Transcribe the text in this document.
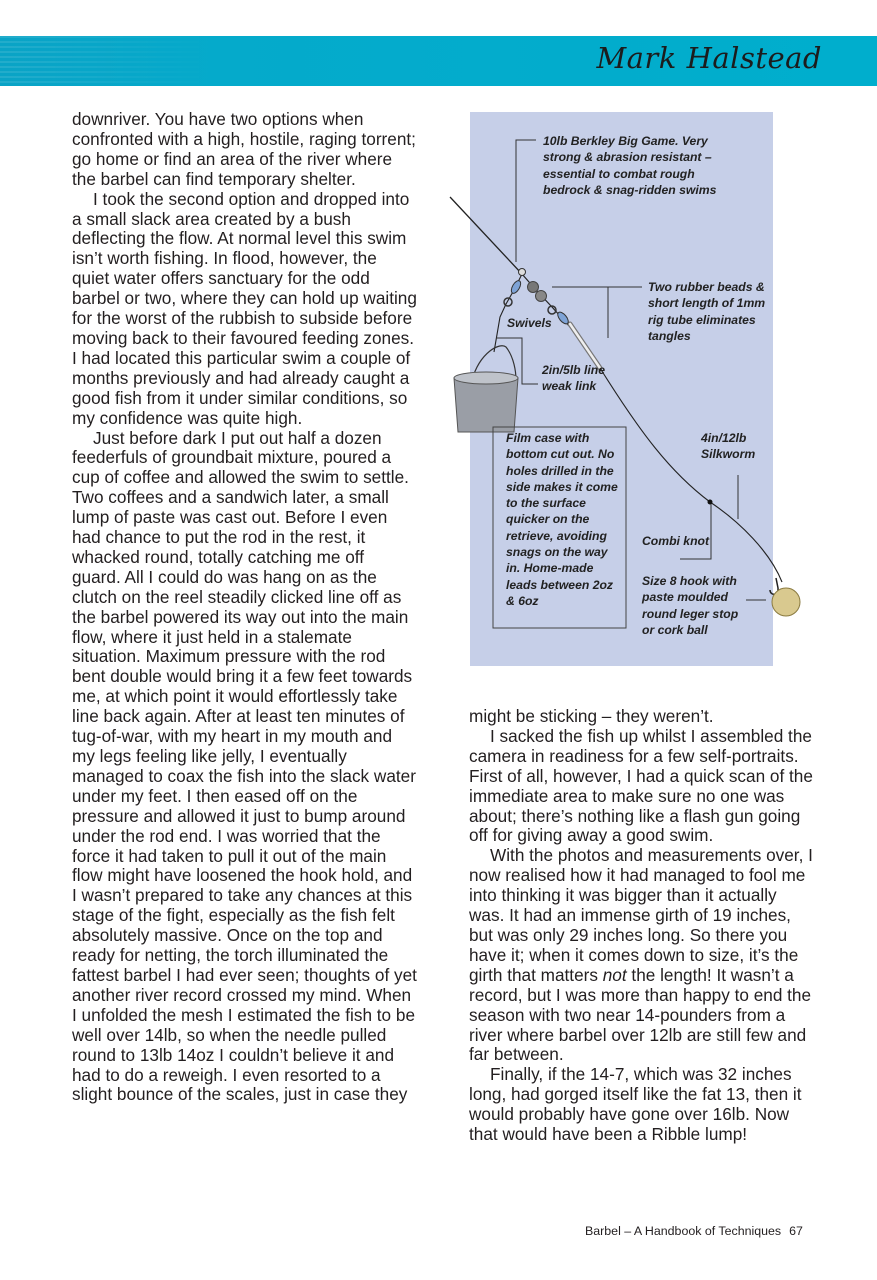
Mark Halstead

downriver. You have two options when confronted with a high, hostile, raging torrent; go home or find an area of the river where the barbel can find temporary shelter.

I took the second option and dropped into a small slack area created by a bush deflecting the flow. At normal level this swim isn’t worth fishing. In flood, however, the quiet water offers sanctuary for the odd barbel or two, where they can hold up waiting for the worst of the rubbish to subside before moving back to their favoured feeding zones. I had located this particular swim a couple of months previously and had already caught a good fish from it under similar conditions, so my confidence was quite high.

Just before dark I put out half a dozen feederfuls of groundbait mixture, poured a cup of coffee and allowed the swim to settle. Two coffees and a sandwich later, a small lump of paste was cast out. Before I even had chance to put the rod in the rest, it whacked round, totally catching me off guard. All I could do was hang on as the clutch on the reel steadily clicked line off as the barbel powered its way out into the main flow, where it just held in a stalemate situation. Maximum pressure with the rod bent double would bring it a few feet towards me, at which point it would effortlessly take line back again. After at least ten minutes of tug-of-war, with my heart in my mouth and my legs feeling like jelly, I eventually managed to coax the fish into the slack water under my feet. I then eased off on the pressure and allowed it just to bump around under the rod end. I was worried that the force it had taken to pull it out of the main flow might have loosened the hook hold, and I wasn’t prepared to take any chances at this stage of the fight, especially as the fish felt absolutely massive. Once on the top and ready for netting, the torch illuminated the fattest barbel I had ever seen; thoughts of yet another river record crossed my mind. When I unfolded the mesh I estimated the fish to be well over 14lb, so when the needle pulled round to 13lb 14oz I couldn’t believe it and had to do a reweigh. I even resorted to a slight bounce of the scales, just in case they

10lb Berkley Big Game. Very strong & abrasion resistant – essential to combat rough bedrock & snag-ridden swims
Two rubber beads & short length of 1mm rig tube eliminates tangles
Swivels
2in/5lb line weak link
Film case with bottom cut out. No holes drilled in the side makes it come to the surface quicker on the retrieve, avoiding snags on the way in. Home-made leads between 2oz & 6oz
4in/12lb Silkworm
Combi knot
Size 8 hook with paste moulded round leger stop or cork ball

might be sticking – they weren’t.

I sacked the fish up whilst I assembled the camera in readiness for a few self-portraits. First of all, however, I had a quick scan of the immediate area to make sure no one was about; there’s nothing like a flash gun going off for giving away a good swim.

With the photos and measurements over, I now realised how it had managed to fool me into thinking it was bigger than it actually was. It had an immense girth of 19 inches, but was only 29 inches long. So there you have it; when it comes down to size, it’s the girth that matters not the length! It wasn’t a record, but I was more than happy to end the season with two near 14-pounders from a river where barbel over 12lb are still few and far between.

Finally, if the 14-7, which was 32 inches long, had gorged itself like the fat 13, then it would probably have gone over 16lb. Now that would have been a Ribble lump!

Barbel – A Handbook of Techniques 67
